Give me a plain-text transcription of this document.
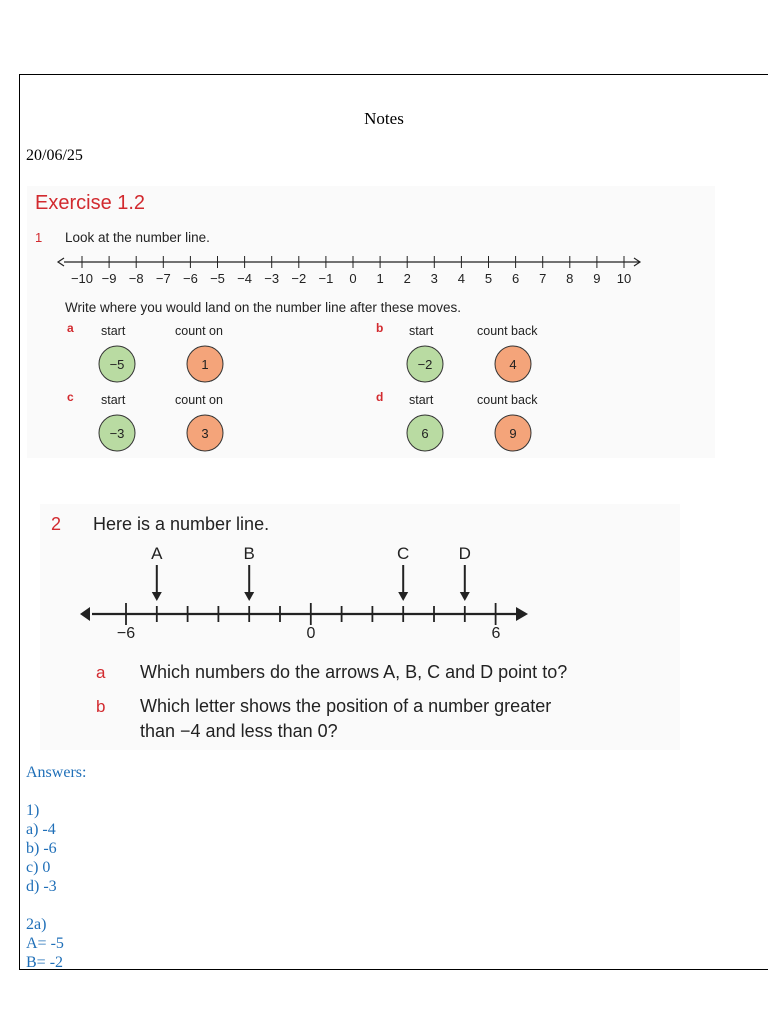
Notes
20/06/25
Exercise 1.2
1 Look at the number line.
−10 −9 −8 −7 −6 −5 −4 −3 −2 −1 0 1 2 3 4 5 6 7 8 9 10
Write where you would land on the number line after these moves.
a start	count on
−5	1
b start	count back
−2	4
c start	count on
−3	3
d start	count back
6	9
2 Here is a number line.
A	B	C	D
−6	0	6
a Which numbers do the arrows A, B, C and D point to?
b Which letter shows the position of a number greater
than −4 and less than 0?
Answers:
1)
a) -4
b) -6
c) 0
d) -3
2a)
A= -5
B= -2
